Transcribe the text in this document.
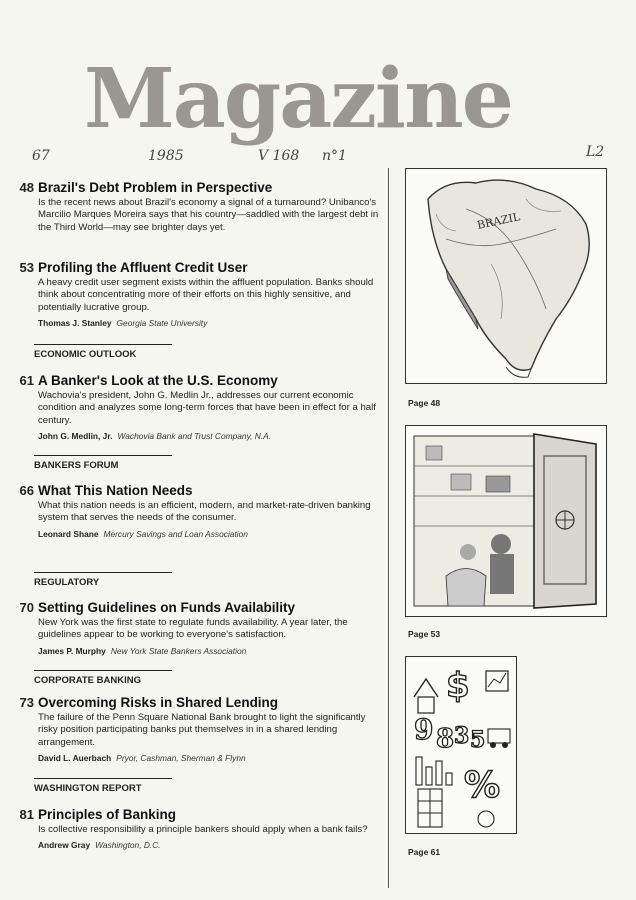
Magazine
67	1985	V 168 n°1	L2
48 Brazil's Debt Problem in Perspective
Is the recent news about Brazil's economy a signal of a turnaround? Unibanco's Marcilio Marques Moreira says that his country—saddled with the largest debt in the Third World—may see brighter days yet.
53 Profiling the Affluent Credit User
A heavy credit user segment exists within the affluent population. Banks should think about concentrating more of their efforts on this highly sensitive, and potentially lucrative group.
Thomas J. Stanley Georgia State University
ECONOMIC OUTLOOK
61 A Banker's Look at the U.S. Economy
Wachovia's president, John G. Medlin Jr., addresses our current economic condition and analyzes some long-term forces that have been in effect for a half century.
John G. Medlin, Jr. Wachovia Bank and Trust Company, N.A.
BANKERS FORUM
66 What This Nation Needs
What this nation needs is an efficient, modern, and market-rate-driven banking system that serves the needs of the consumer.
Leonard Shane Mercury Savings and Loan Association
REGULATORY
70 Setting Guidelines on Funds Availability
New York was the first state to regulate funds availability. A year later, the guidelines appear to be working to everyone's satisfaction.
James P. Murphy New York State Bankers Association
CORPORATE BANKING
73 Overcoming Risks in Shared Lending
The failure of the Penn Square National Bank brought to light the significantly risky position participating banks put themselves in in a shared lending arrangement.
David L. Auerbach Pryor, Cashman, Sherman & Flynn
WASHINGTON REPORT
81 Principles of Banking
Is collective responsibility a principle bankers should apply when a bank fails?
Andrew Gray Washington, D.C.
BRAZIL
Page 48
Page 53
$
9 8 3 5
%
Page 61
